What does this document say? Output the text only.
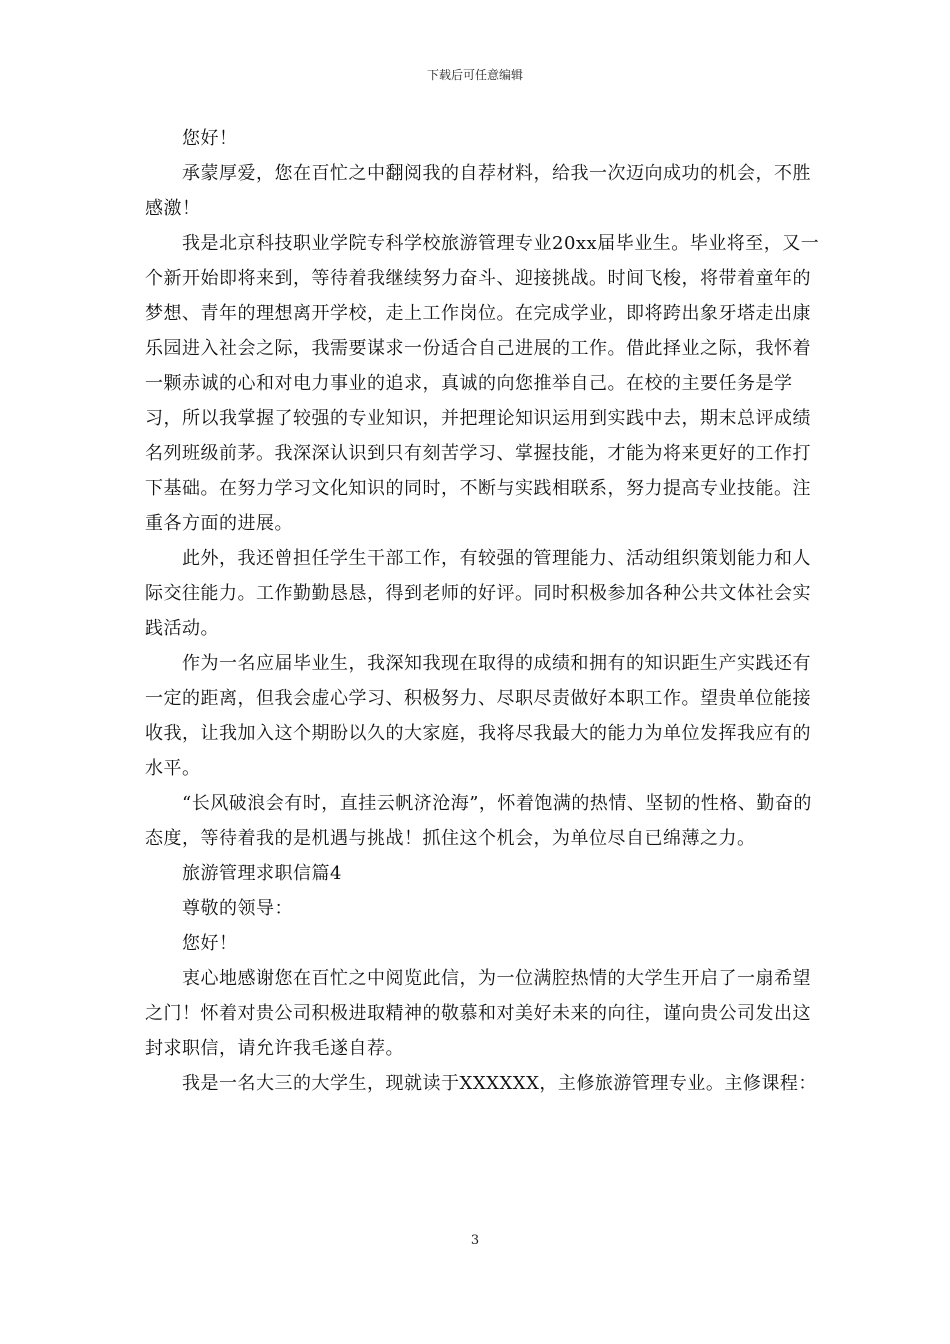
下载后可任意编辑

您好！

承蒙厚爱，您在百忙之中翻阅我的自荐材料，给我一次迈向成功的机会，不胜感激！

我是北京科技职业学院专科学校旅游管理专业20xx届毕业生。毕业将至，又一个新开始即将来到，等待着我继续努力奋斗、迎接挑战。时间飞梭，将带着童年的梦想、青年的理想离开学校，走上工作岗位。在完成学业，即将跨出象牙塔走出康乐园进入社会之际，我需要谋求一份适合自己进展的工作。借此择业之际，我怀着一颗赤诚的心和对电力事业的追求，真诚的向您推举自己。在校的主要任务是学习，所以我掌握了较强的专业知识，并把理论知识运用到实践中去，期末总评成绩名列班级前茅。我深深认识到只有刻苦学习、掌握技能，才能为将来更好的工作打下基础。在努力学习文化知识的同时，不断与实践相联系，努力提高专业技能。注重各方面的进展。

此外，我还曾担任学生干部工作，有较强的管理能力、活动组织策划能力和人际交往能力。工作勤勤恳恳，得到老师的好评。同时积极参加各种公共文体社会实践活动。

作为一名应届毕业生，我深知我现在取得的成绩和拥有的知识距生产实践还有一定的距离，但我会虚心学习、积极努力、尽职尽责做好本职工作。望贵单位能接收我，让我加入这个期盼以久的大家庭，我将尽我最大的能力为单位发挥我应有的水平。

“长风破浪会有时，直挂云帆济沧海”，怀着饱满的热情、坚韧的性格、勤奋的态度，等待着我的是机遇与挑战！抓住这个机会，为单位尽自已绵薄之力。

旅游管理求职信篇4

尊敬的领导：

您好！

衷心地感谢您在百忙之中阅览此信，为一位满腔热情的大学生开启了一扇希望之门！怀着对贵公司积极进取精神的敬慕和对美好未来的向往，谨向贵公司发出这封求职信，请允许我毛遂自荐。

我是一名大三的大学生，现就读于XXXXXX，主修旅游管理专业。主修课程：

3
